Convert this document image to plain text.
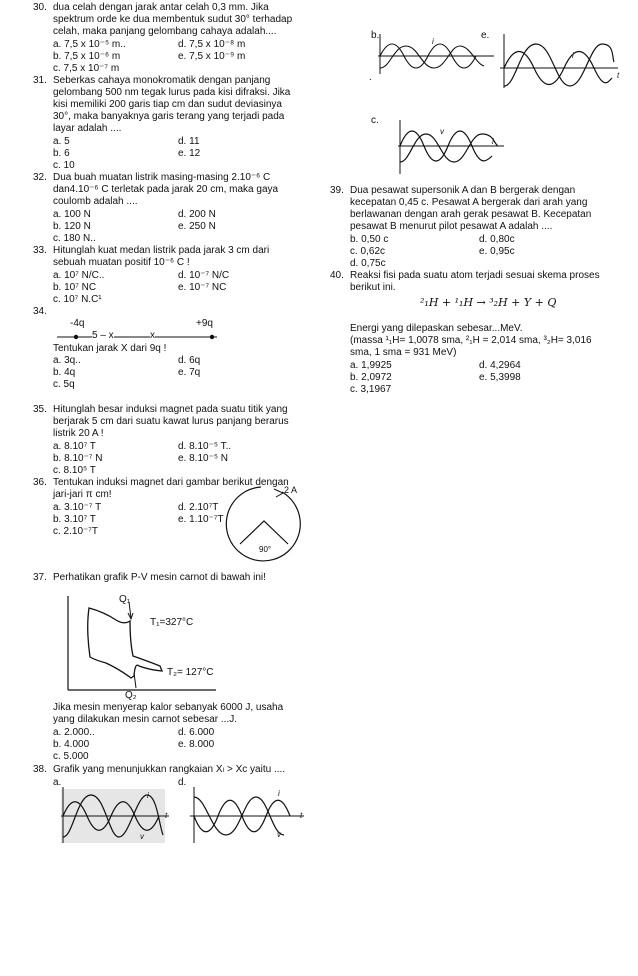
30. dua celah dengan jarak antar celah 0,3 mm. Jika
spektrum orde ke dua membentuk sudut 30° terhadap
celah, maka panjang gelombang cahaya adalah....
a. 7,5 x 10⁻⁵ m..	d. 7,5 x 10⁻⁸ m
b. 7,5 x 10⁻⁶ m	e. 7,5 x 10⁻⁹ m
c. 7,5 x 10⁻⁷ m
31. Seberkas cahaya monokromatik dengan panjang
gelombang 500 nm tegak lurus pada kisi difraksi. Jika
kisi memiliki 200 garis tiap cm dan sudut deviasinya
30°, maka banyaknya garis terang yang terjadi pada
layar adalah ....
a. 5	d. 11
b. 6	e. 12
c. 10
32. Dua buah muatan listrik masing-masing 2.10⁻⁶ C
dan4.10⁻⁶ C terletak pada jarak 20 cm, maka gaya
coulomb adalah ....
a. 100 N	d. 200 N
b. 120 N	e. 250 N
c. 180 N..
33. Hitunglah kuat medan listrik pada jarak 3 cm dari
sebuah muatan positif 10⁻⁶ C !
a. 10⁷ N/C..	d. 10⁻⁷ N/C
b. 10⁷ NC	e. 10⁻⁷ NC
c. 10⁷ N.C¹
34.
-4q	+9q
5 – x	x
Tentukan jarak X dari 9q !
a. 3q..	d. 6q
b. 4q	e. 7q
c. 5q
35. Hitunglah besar induksi magnet pada suatu titik yang
berjarak 5 cm dari suatu kawat lurus panjang berarus
listrik 20 A !
a. 8.10⁷ T	d. 8.10⁻⁵ T..
b. 8.10⁻⁷ N	e. 8.10⁻⁵ N
c. 8.10⁵ T
36. Tentukan induksi magnet dari gambar berikut dengan
jari-jari π cm!
a. 3.10⁻⁷ T	d. 2.10⁷T
b. 3.10⁷ T	e. 1.10⁻⁷T
c. 2.10⁻⁷T
2 A
90°
37. Perhatikan grafik P-V mesin carnot di bawah ini!
Q₁
T₁=327°C
T₂= 127°C
Q₂
Jika mesin menyerap kalor sebanyak 6000 J, usaha
yang dilakukan mesin carnot sebesar ...J.
a. 2.000..	d. 6.000
b. 4.000	e. 8.000
c. 5.000
38. Grafik yang menunjukkan rangkaian Xₗ > Xᴄ yaitu ....
a.	d.
i
t
v
i
t
v
b.
i
.
e.
i
t
c.
v
i
39. Dua pesawat supersonik A dan B bergerak dengan
kecepatan 0,45 c. Pesawat A bergerak dari arah yang
berlawanan dengan arah gerak pesawat B. Kecepatan
pesawat B menurut pilot pesawat A adalah ....
b. 0,50 c	d. 0,80c
c. 0,62c	e. 0,95c
d. 0,75c
40. Reaksi fisi pada suatu atom terjadi sesuai skema proses
berikut ini.
²₁H + ¹₁H → ³₂H + Y + Q
Energi yang dilepaskan sebesar...MeV.
(massa ¹₁H= 1,0078 sma, ²₁H = 2,014 sma, ³₂H= 3,016
sma, 1 sma = 931 MeV)
a. 1,9925	d. 4,2964
b. 2,0972	e. 5,3998
c. 3,1967
